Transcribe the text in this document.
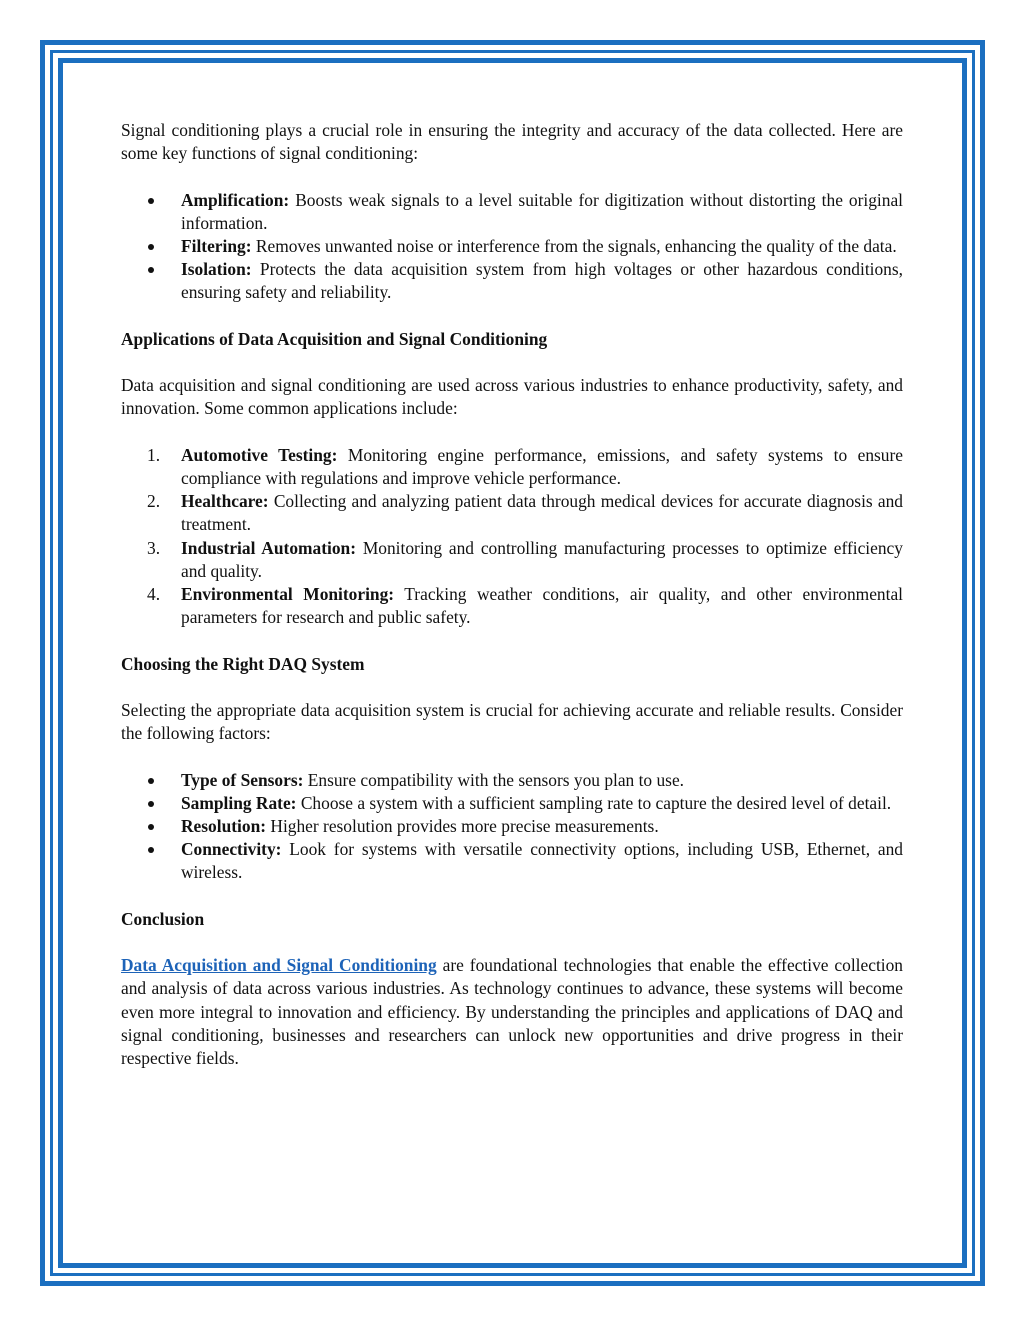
Signal conditioning plays a crucial role in ensuring the integrity and accuracy of the data collected. Here are some key functions of signal conditioning:

Amplification: Boosts weak signals to a level suitable for digitization without distorting the original information.
Filtering: Removes unwanted noise or interference from the signals, enhancing the quality of the data.
Isolation: Protects the data acquisition system from high voltages or other hazardous conditions, ensuring safety and reliability.

Applications of Data Acquisition and Signal Conditioning

Data acquisition and signal conditioning are used across various industries to enhance productivity, safety, and innovation. Some common applications include:

1.	Automotive Testing: Monitoring engine performance, emissions, and safety systems to ensure compliance with regulations and improve vehicle performance.
2.	Healthcare: Collecting and analyzing patient data through medical devices for accurate diagnosis and treatment.
3.	Industrial Automation: Monitoring and controlling manufacturing processes to optimize efficiency and quality.
4.	Environmental Monitoring: Tracking weather conditions, air quality, and other environmental parameters for research and public safety.

Choosing the Right DAQ System

Selecting the appropriate data acquisition system is crucial for achieving accurate and reliable results. Consider the following factors:

Type of Sensors: Ensure compatibility with the sensors you plan to use.
Sampling Rate: Choose a system with a sufficient sampling rate to capture the desired level of detail.
Resolution: Higher resolution provides more precise measurements.
Connectivity: Look for systems with versatile connectivity options, including USB, Ethernet, and wireless.

Conclusion

Data Acquisition and Signal Conditioning are foundational technologies that enable the effective collection and analysis of data across various industries. As technology continues to advance, these systems will become even more integral to innovation and efficiency. By understanding the principles and applications of DAQ and signal conditioning, businesses and researchers can unlock new opportunities and drive progress in their respective fields.
